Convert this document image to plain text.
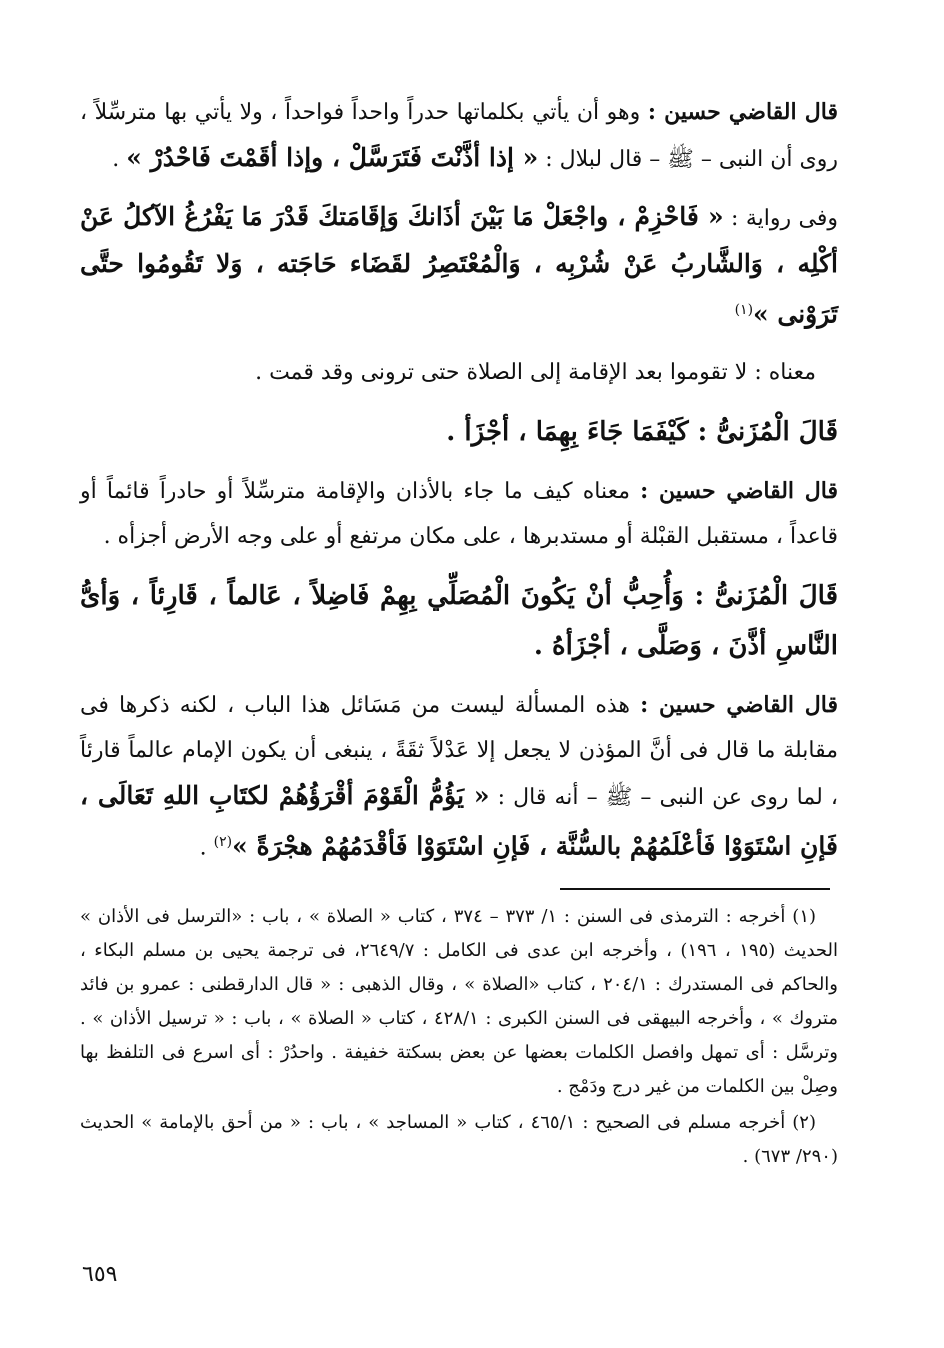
قال القاضي حسين : وهو أن يأتي بكلماتها حدراً واحداً فواحداً ، ولا يأتي بها مترسِّلاً ، روى أن النبى – ﷺ – قال لبلال : « إذا أذَّنْتَ فَتَرَسَّلْ ، وإذا أقَمْتَ فَاحْدُرْ » .

وفى رواية : « فَاحْزِمْ ، واجْعَلْ مَا بَيْنَ أذَانكَ وَإقَامَتكَ قَدْرَ مَا يَفْرُغُ الآكلُ عَنْ أكْلِه ، وَالشَّاربُ عَنْ شُرْبِه ، وَالْمُعْتَصِرُ لقَضَاء حَاجَته ، وَلا تَقُومُوا حتَّى تَرَوْنى »$^{(١)}$

معناه : لا تقوموا بعد الإقامة إلى الصلاة حتى ترونى وقد قمت .

قَالَ الْمُزَنىُّ : كَيْفَمَا جَاءَ بِهِمَا ، أجْزَأ .

قال القاضي حسين : معناه كيف ما جاء بالأذان والإقامة مترسِّلاً أو حادراً قائماً أو قاعداً ، مستقبل القبْلة أو مستدبرها ، على مكان مرتفع أو على وجه الأرض أجزأه .

قَالَ الْمُزَنىُّ : وَأُحِبُّ أنْ يَكُونَ الْمُصَلِّي بِهِمْ فَاضِلاً ، عَالماً ، قَارِئاً ، وَأىُّ النَّاسِ أذَّنَ ، وَصَلَّى ، أجْزَأهُ .

قال القاضي حسين : هذه المسألة ليست من مَسَائل هذا الباب ، لكنه ذكرها فى مقابلة ما قال فى أنَّ المؤذن لا يجعل إلا عَدْلاً ثقَةً ، ينبغى أن يكون الإمام عالماً قارئاً ، لما روى عن النبى – ﷺ – أنه قال : « يَؤُمُّ الْقَوْمَ أقْرَؤُهُمْ لكتَابِ اللهِ تَعَالَى ، فَإنِ اسْتَوَوْا فَأعْلَمُهُمْ بالسُّنَّة ، فَإنِ اسْتَوَوْا فَأقْدَمُهُمْ هجْرَةً »$^{(٢)}$ .

(١) أخرجه : الترمذى فى السنن : ١/ ٣٧٣ – ٣٧٤ ، كتاب « الصلاة » ، باب : «الترسل فى الأذان » الحديث (١٩٥ ، ١٩٦) ، وأخرجه ابن عدى فى الكامل : ٢٦٤٩/٧، فى ترجمة يحيى بن مسلم البكاء ، والحاكم فى المستدرك : ٢٠٤/١ ، كتاب «الصلاة » ، وقال الذهبى : « قال الدارقطنى : عمرو بن فائد متروك » ، وأخرجه البيهقى فى السنن الكبرى : ٤٢٨/١ ، كتاب « الصلاة » ، باب : « ترسيل الأذان » . وترسَّل : أى تمهل وافصل الكلمات بعضها عن بعض بسكتة خفيفة . واحدُرْ : أى اسرع فى التلفظ بها وصِلْ بين الكلمات من غير درج ودَمْج .

(٢) أخرجه مسلم فى الصحيح : ٤٦٥/١ ، كتاب « المساجد » ، باب : « من أحق بالإمامة » الحديث (٢٩٠/ ٦٧٣) .

٦٥٩
